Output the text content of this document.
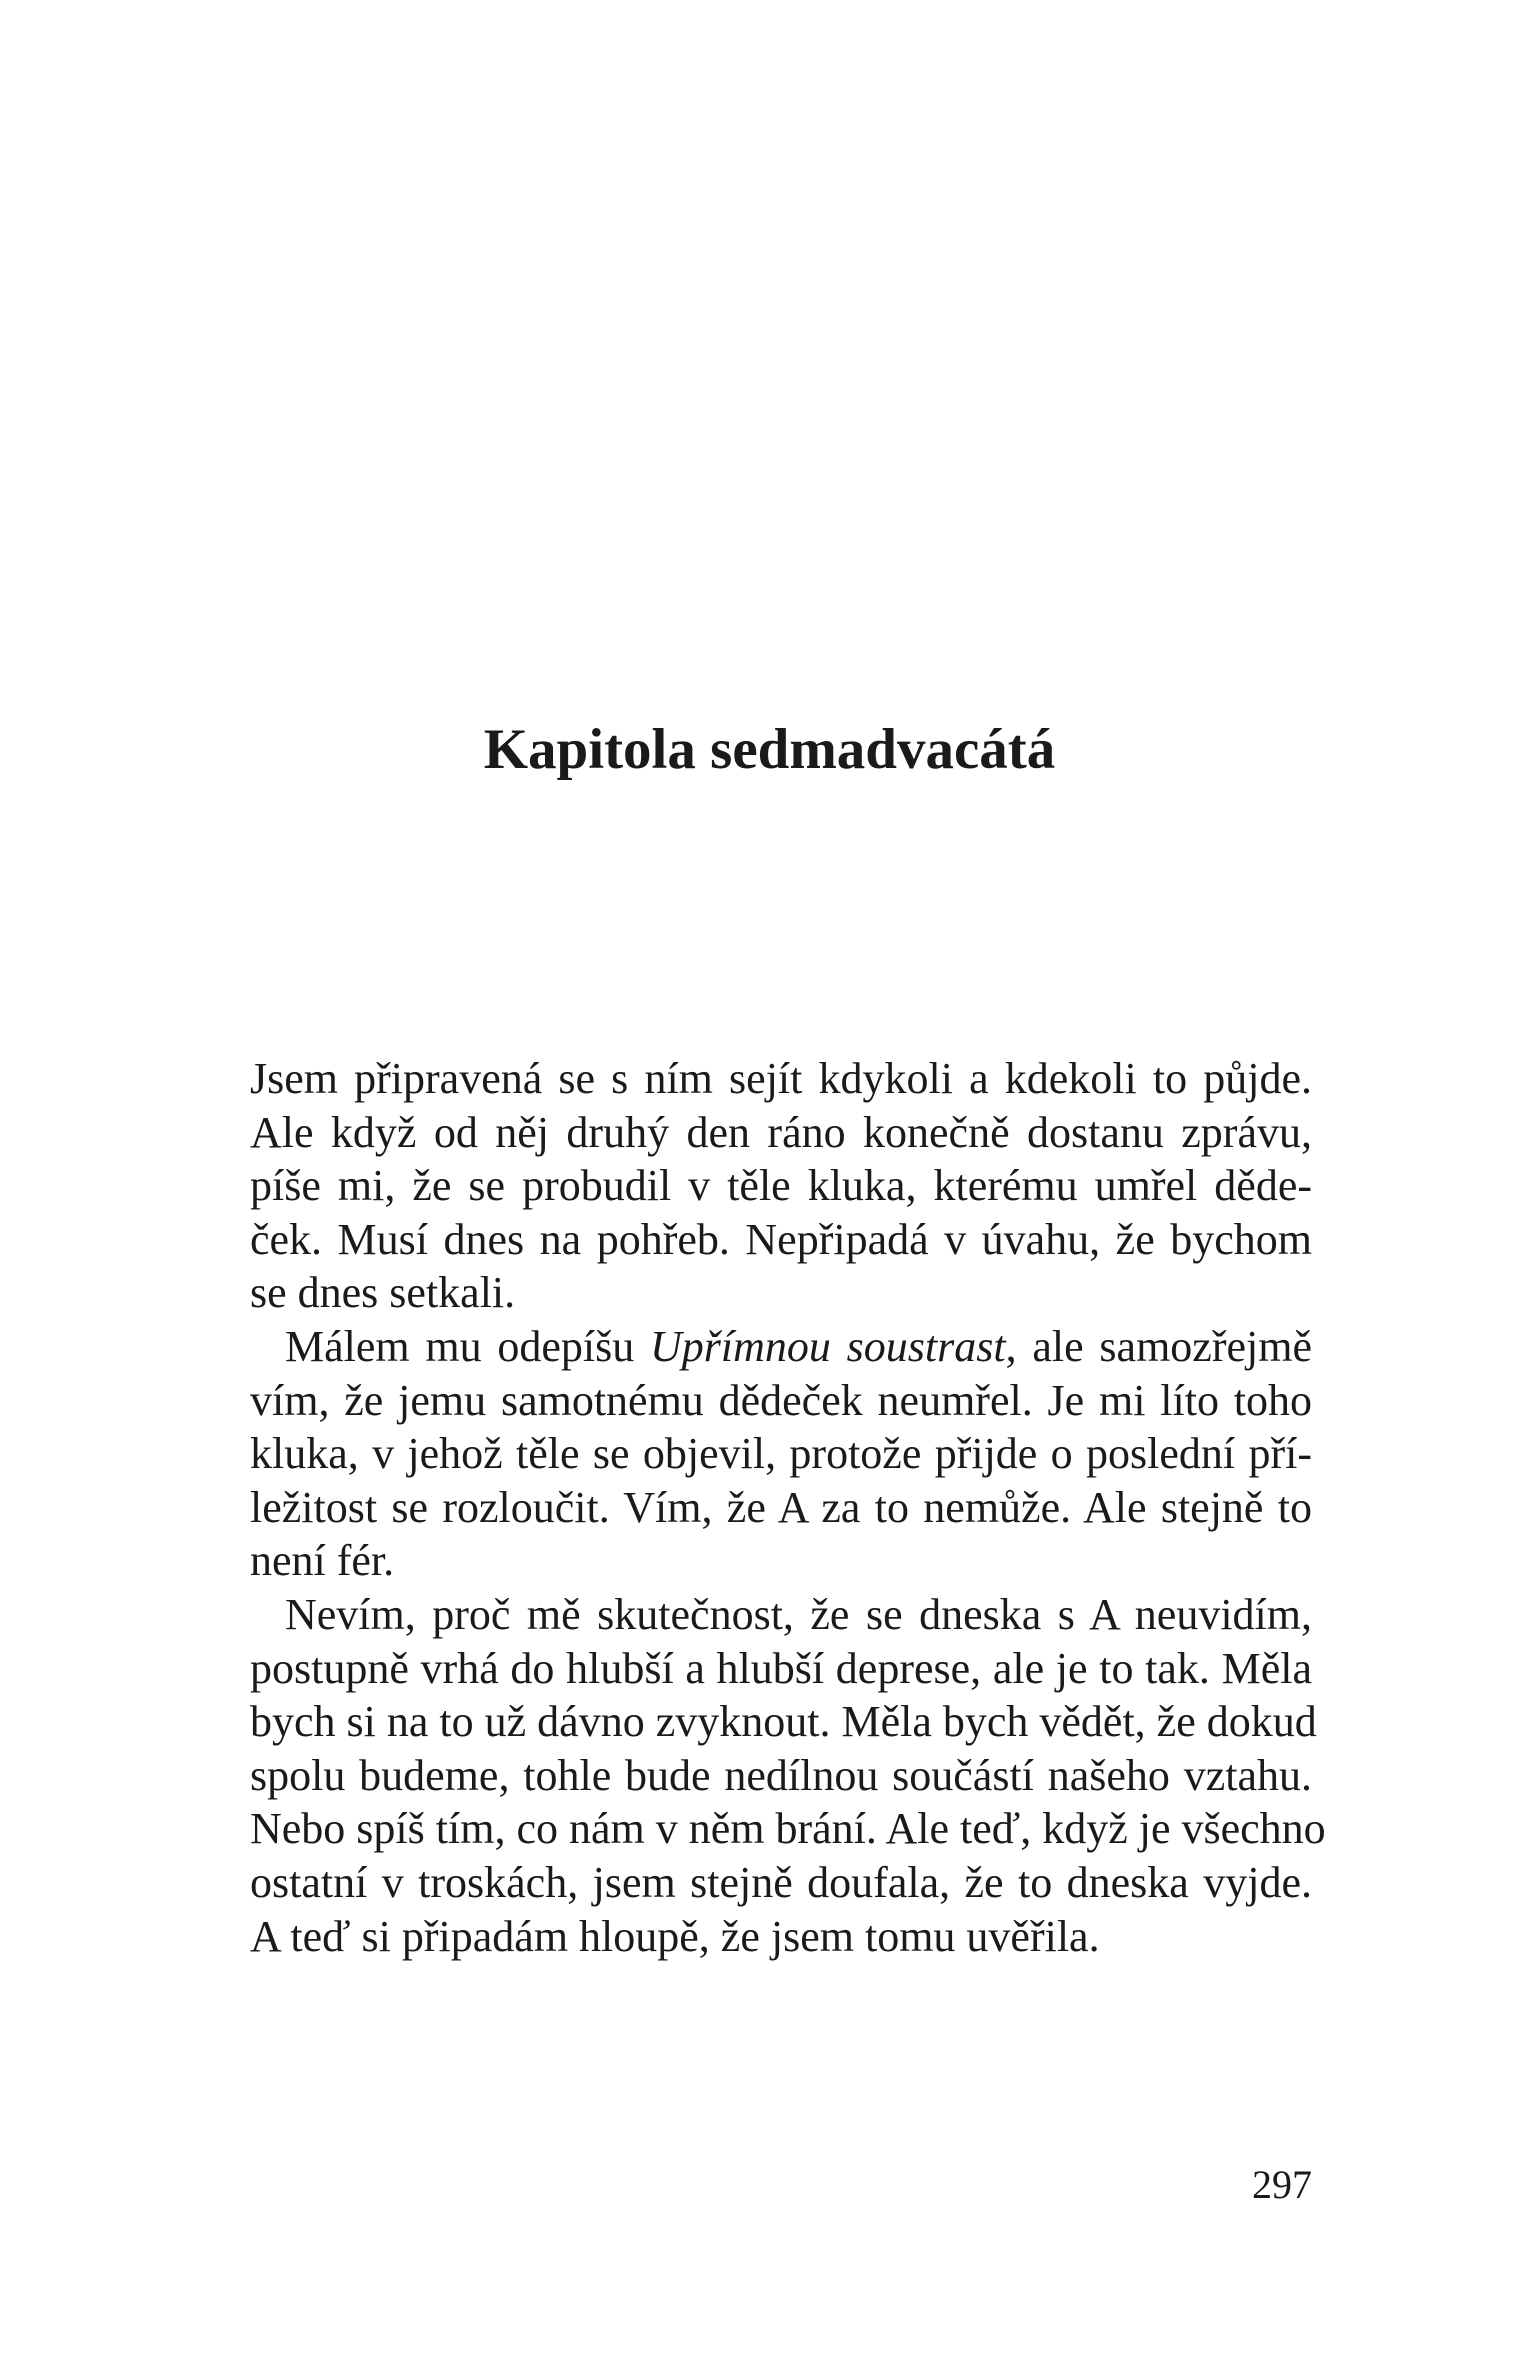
Kapitola sedmadvacátá
Jsem připravená se s ním sejít kdykoli a kdekoli to půjde.
Ale když od něj druhý den ráno konečně dostanu zprávu,
píše mi, že se probudil v těle kluka, kterému umřel děde-
ček. Musí dnes na pohřeb. Nepřipadá v úvahu, že bychom
se dnes setkali.
Málem mu odepíšu Upřímnou soustrast, ale samozřejmě
vím, že jemu samotnému dědeček neumřel. Je mi líto toho
kluka, v jehož těle se objevil, protože přijde o poslední pří-
ležitost se rozloučit. Vím, že A za to nemůže. Ale stejně to
není fér.
Nevím, proč mě skutečnost, že se dneska s A neuvidím,
postupně vrhá do hlubší a hlubší deprese, ale je to tak. Měla
bych si na to už dávno zvyknout. Měla bych vědět, že dokud
spolu budeme, tohle bude nedílnou součástí našeho vztahu.
Nebo spíš tím, co nám v něm brání. Ale teď, když je všechno
ostatní v troskách, jsem stejně doufala, že to dneska vyjde.
A teď si připadám hloupě, že jsem tomu uvěřila.
297
